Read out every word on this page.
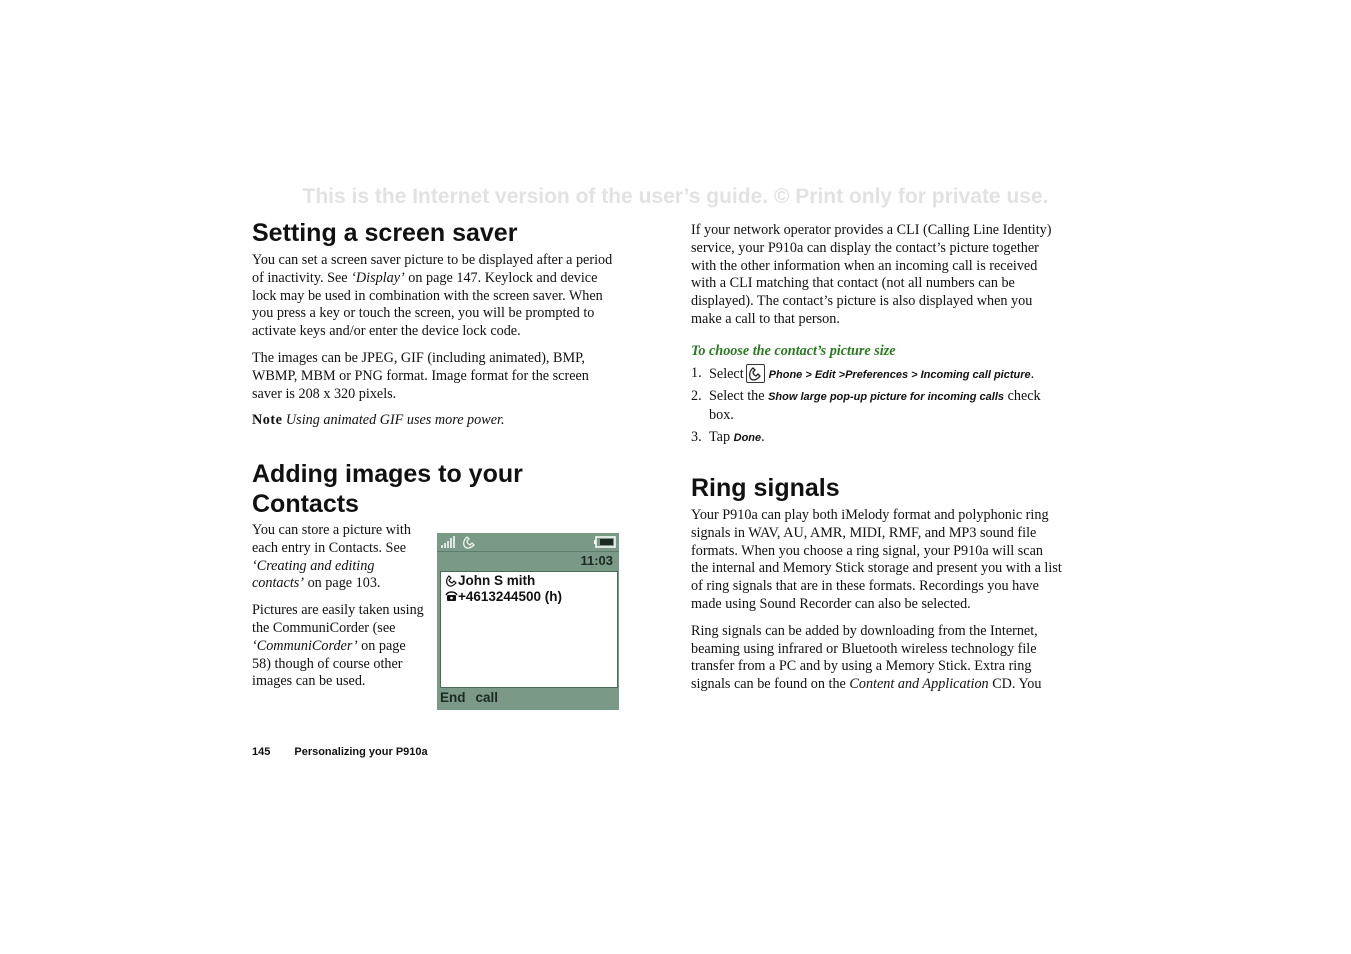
This is the Internet version of the user’s guide. © Print only for private use.
Setting a screen saver

You can set a screen saver picture to be displayed after a period of inactivity. See ‘Display’ on page 147. Keylock and device lock may be used in combination with the screen saver. When you press a key or touch the screen, you will be prompted to activate keys and/or enter the device lock code.

The images can be JPEG, GIF (including animated), BMP, WBMP, MBM or PNG format. Image format for the screen saver is 208 x 320 pixels.

Note Using animated GIF uses more power.

Adding images to your
Contacts

You can store a picture with each entry in Contacts. See ‘Creating and editing contacts’ on page 103.

Pictures are easily taken using the CommuniCorder (see ‘CommuniCorder’ on page 58) though of course other images can be used.

11:03
John S mith
+4613244500 (h)
End call

If your network operator provides a CLI (Calling Line Identity) service, your P910a can display the contact’s picture together with the other information when an incoming call is received with a CLI matching that contact (not all numbers can be displayed). The contact’s picture is also displayed when you make a call to that person.

To choose the contact’s picture size
1. Select Phone > Edit >Preferences > Incoming call picture.
2. Select the Show large pop-up picture for incoming calls check box.
3. Tap Done.
Ring signals

Your P910a can play both iMelody format and polyphonic ring signals in WAV, AU, AMR, MIDI, RMF, and MP3 sound file formats. When you choose a ring signal, your P910a will scan the internal and Memory Stick storage and present you with a list of ring signals that are in these formats. Recordings you have made using Sound Recorder can also be selected.

Ring signals can be added by downloading from the Internet, beaming using infrared or Bluetooth wireless technology file transfer from a PC and by using a Memory Stick. Extra ring signals can be found on the Content and Application CD. You

145 Personalizing your P910a
